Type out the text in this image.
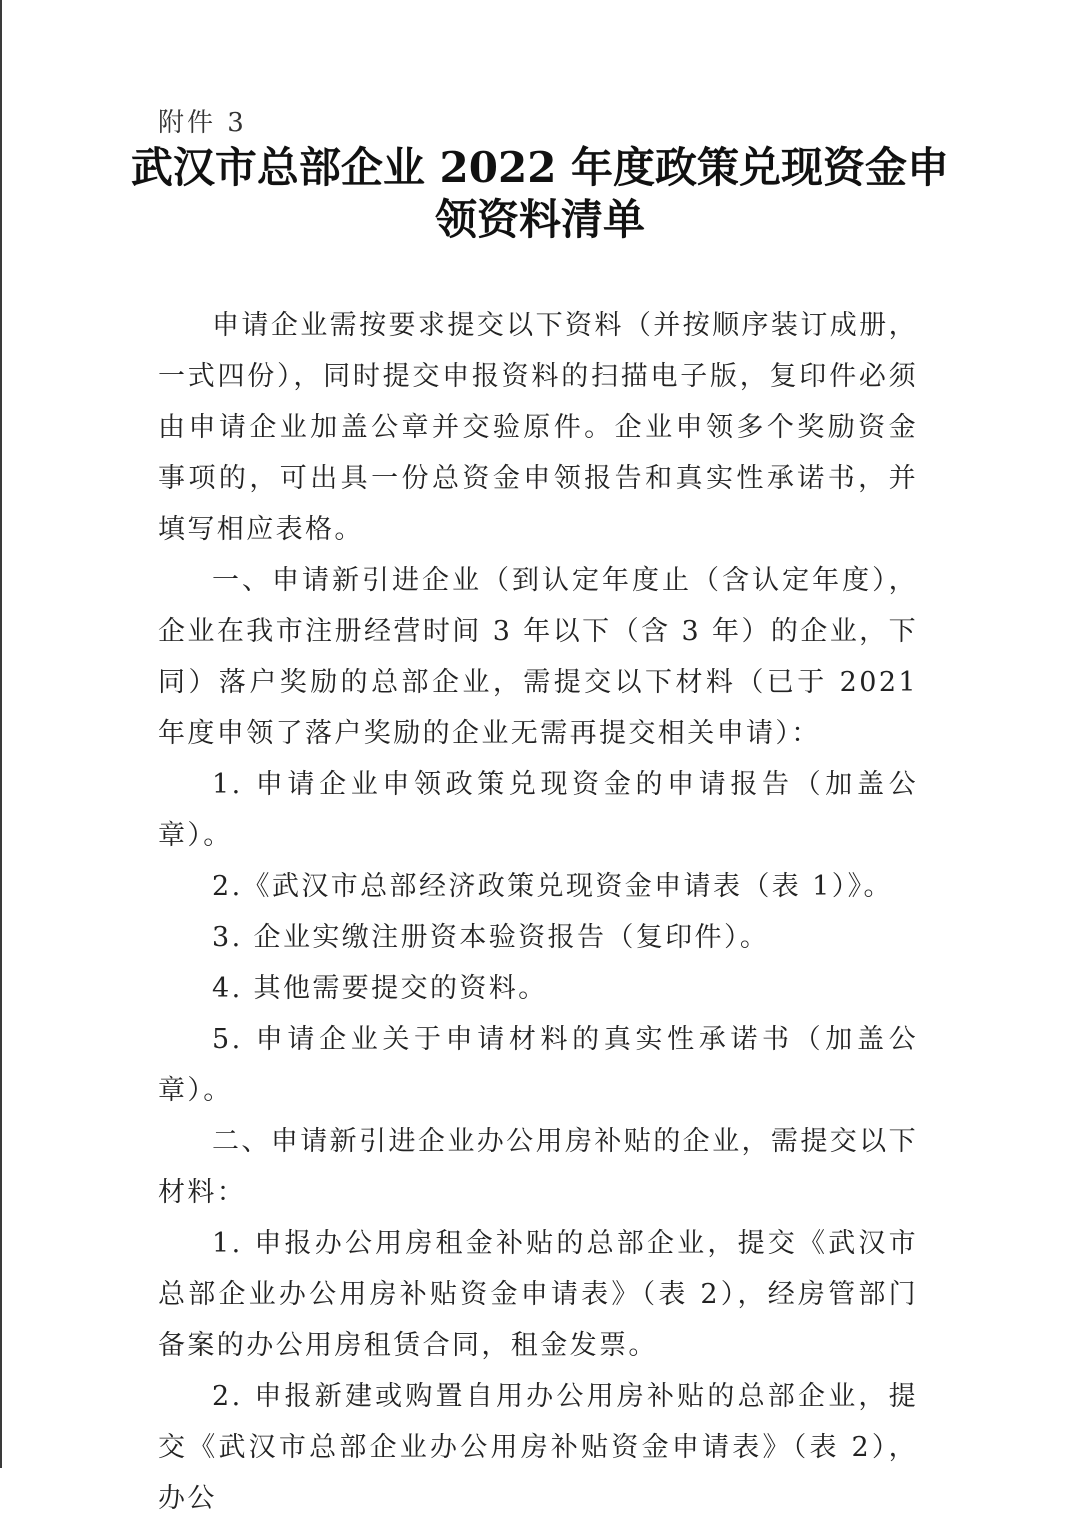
附件 3
武汉市总部企业 2022 年度政策兑现资金申
领资料清单

申请企业需按要求提交以下资料（并按顺序装订成册，一式四份），同时提交申报资料的扫描电子版，复印件必须由申请企业加盖公章并交验原件。企业申领多个奖励资金事项的，可出具一份总资金申领报告和真实性承诺书，并填写相应表格。

一、申请新引进企业（到认定年度止（含认定年度），企业在我市注册经营时间 3 年以下（含 3 年）的企业，下同）落户奖励的总部企业，需提交以下材料（已于 2021 年度申领了落户奖励的企业无需再提交相关申请）：

1. 申请企业申领政策兑现资金的申请报告（加盖公章）。

2.《武汉市总部经济政策兑现资金申请表（表 1）》。

3. 企业实缴注册资本验资报告（复印件）。

4. 其他需要提交的资料。

5. 申请企业关于申请材料的真实性承诺书（加盖公章）。

二、申请新引进企业办公用房补贴的企业，需提交以下材料：

1. 申报办公用房租金补贴的总部企业，提交《武汉市总部企业办公用房补贴资金申请表》（表 2），经房管部门备案的办公用房租赁合同，租金发票。

2. 申报新建或购置自用办公用房补贴的总部企业，提交《武汉市总部企业办公用房补贴资金申请表》（表 2），办公
